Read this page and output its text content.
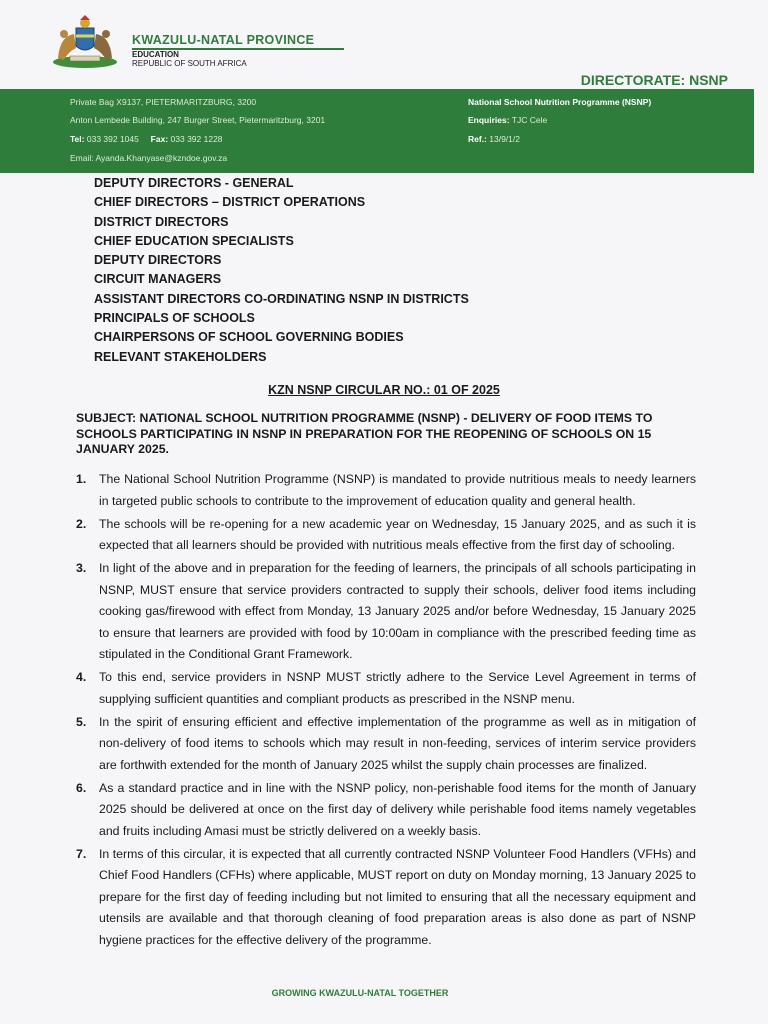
KWAZULU-NATAL PROVINCE
EDUCATION
REPUBLIC OF SOUTH AFRICA
DIRECTORATE: NSNP
Private Bag X9137, PIETERMARITZBURG, 3200
Anton Lembede Building, 247 Burger Street, Pietermaritzburg, 3201
Tel: 033 392 1045 Fax: 033 392 1228
Email: Ayanda.Khanyase@kzndoe.gov.za
National School Nutrition Programme (NSNP)
Enquiries: TJC Cele
Ref.: 13/9/1/2
DEPUTY DIRECTORS - GENERAL
CHIEF DIRECTORS – DISTRICT OPERATIONS
DISTRICT DIRECTORS
CHIEF EDUCATION SPECIALISTS
DEPUTY DIRECTORS
CIRCUIT MANAGERS
ASSISTANT DIRECTORS CO-ORDINATING NSNP IN DISTRICTS
PRINCIPALS OF SCHOOLS
CHAIRPERSONS OF SCHOOL GOVERNING BODIES
RELEVANT STAKEHOLDERS
KZN NSNP CIRCULAR NO.: 01 OF 2025
SUBJECT: NATIONAL SCHOOL NUTRITION PROGRAMME (NSNP) - DELIVERY OF FOOD ITEMS TO SCHOOLS PARTICIPATING IN NSNP IN PREPARATION FOR THE REOPENING OF SCHOOLS ON 15 JANUARY 2025.
1. The National School Nutrition Programme (NSNP) is mandated to provide nutritious meals to needy learners in targeted public schools to contribute to the improvement of education quality and general health.
2. The schools will be re-opening for a new academic year on Wednesday, 15 January 2025, and as such it is expected that all learners should be provided with nutritious meals effective from the first day of schooling.
3. In light of the above and in preparation for the feeding of learners, the principals of all schools participating in NSNP, MUST ensure that service providers contracted to supply their schools, deliver food items including cooking gas/firewood with effect from Monday, 13 January 2025 and/or before Wednesday, 15 January 2025 to ensure that learners are provided with food by 10:00am in compliance with the prescribed feeding time as stipulated in the Conditional Grant Framework.
4. To this end, service providers in NSNP MUST strictly adhere to the Service Level Agreement in terms of supplying sufficient quantities and compliant products as prescribed in the NSNP menu.
5. In the spirit of ensuring efficient and effective implementation of the programme as well as in mitigation of non-delivery of food items to schools which may result in non-feeding, services of interim service providers are forthwith extended for the month of January 2025 whilst the supply chain processes are finalized.
6. As a standard practice and in line with the NSNP policy, non-perishable food items for the month of January 2025 should be delivered at once on the first day of delivery while perishable food items namely vegetables and fruits including Amasi must be strictly delivered on a weekly basis.
7. In terms of this circular, it is expected that all currently contracted NSNP Volunteer Food Handlers (VFHs) and Chief Food Handlers (CFHs) where applicable, MUST report on duty on Monday morning, 13 January 2025 to prepare for the first day of feeding including but not limited to ensuring that all the necessary equipment and utensils are available and that thorough cleaning of food preparation areas is also done as part of NSNP hygiene practices for the effective delivery of the programme.
GROWING KWAZULU-NATAL TOGETHER
